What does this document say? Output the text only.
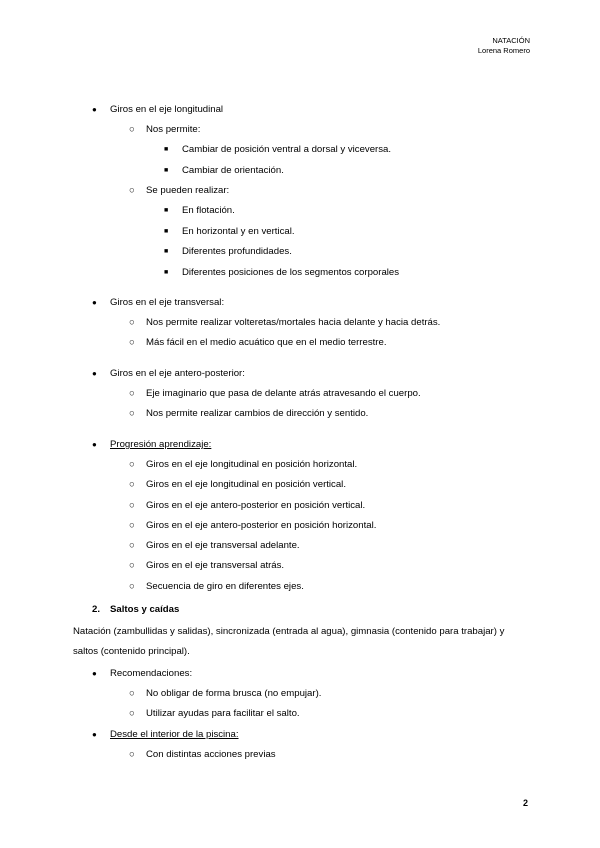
NATACIÓN
Lorena Romero
● Giros en el eje longitudinal
○ Nos permite:
■ Cambiar de posición ventral a dorsal y viceversa.
■ Cambiar de orientación.
○ Se pueden realizar:
■ En flotación.
■ En horizontal y en vertical.
■ Diferentes profundidades.
■ Diferentes posiciones de los segmentos corporales
● Giros en el eje transversal:
○ Nos permite realizar volteretas/mortales hacia delante y hacia detrás.
○ Más fácil en el medio acuático que en el medio terrestre.
● Giros en el eje antero-posterior:
○ Eje imaginario que pasa de delante atrás atravesando el cuerpo.
○ Nos permite realizar cambios de dirección y sentido.
● Progresión aprendizaje:
○ Giros en el eje longitudinal en posición horizontal.
○ Giros en el eje longitudinal en posición vertical.
○ Giros en el eje antero-posterior en posición vertical.
○ Giros en el eje antero-posterior en posición horizontal.
○ Giros en el eje transversal adelante.
○ Giros en el eje transversal atrás.
○ Secuencia de giro en diferentes ejes.
● Recomendaciones:
○ No obligar de forma brusca (no empujar).
○ Utilizar ayudas para facilitar el salto.
● Desde el interior de la piscina:
○ Con distintas acciones previas
2. Saltos y caídas
Natación (zambullidas y salidas), sincronizada (entrada al agua), gimnasia (contenido para trabajar) y
saltos (contenido principal).
2
